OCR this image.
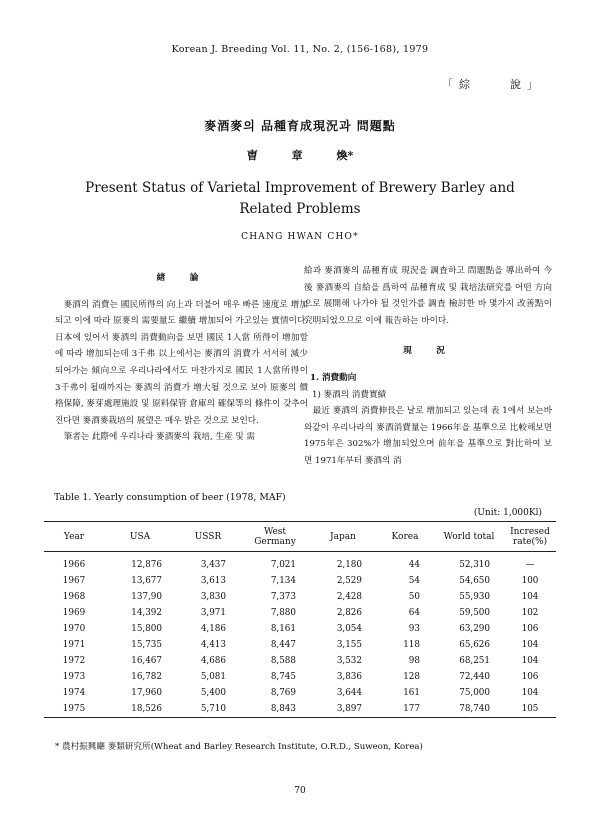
Korean J. Breeding Vol. 11, No. 2, (156-168), 1979
「綜　　說」
麥酒麥의 品種育成現況과 問題點
曺 章 煥*
Present Status of Varietal Improvement of Brewery Barley and
Related Problems
CHANG HWAN CHO*
緖　論

麥酒의 消費는 國民所得의 向上과 더불어 매우 빠른 速度로 增加되고 이에 따라 原麥의 需要量도 繼續 增加되어 가고있는 實情이다. 日本에 있어서 麥酒의 消費動向을 보면 國民 1人當 所得이 增加함에 따라 增加되는데 3千弗 以上에서는 麥酒의 消費가 서서히 減少되어가는 傾向으로 우리나라에서도 마찬가지로 國民 1人當所得이 3千弗이 될때까지는 麥酒의 消費가 增大될 것으로 보아 原麥의 價格保障, 麥芽處理施設 및 原料保管 倉庫의 確保等의 條件이 갖추어 진다면 麥酒麥栽培의 展望은 매우 밝은 것으로 보인다.

筆者는 此際에 우리나라 麥酒麥의 栽培, 生産 및 需

給과 麥酒麥의 品種育成 現況을 調査하고 問題點을 導出하여 今後 麥酒麥의 自給을 爲하여 品種育成 및 栽培法研究를 어떤 方向으로 展開해 나가야 될 것인가를 調査 檢討한 바 몇가지 改善點이 究明되었으므로 이에 報告하는 바이다.

現　況

1. 消費動向

1) 麥酒의 消費實績

最近 麥酒의 消費伸長은 날로 增加되고 있는데 表 1에서 보는바와같이 우리나라의 麥酒消費量는 1966年을 基準으로 比較해보면 1975年은 302%가 增加되었으며 前年을 基準으로 對比하여 보면 1971年부터 麥酒의 消

Table 1. Yearly consumption of beer (1978, MAF)
(Unit: 1,000Kl)
Year	USA	USSR	West Germany	Japan	Korea	World total	Incresed rate(%)
1966	12,876	3,437	7,021	2,180	44	52,310	—
1967	13,677	3,613	7,134	2,529	54	54,650	100
1968	137,90	3,830	7,373	2,428	50	55,930	104
1969	14,392	3,971	7,880	2,826	64	59,500	102
1970	15,800	4,186	8,161	3,054	93	63,290	106
1971	15,735	4,413	8,447	3,155	118	65,626	104
1972	16,467	4,686	8,588	3,532	98	68,251	104
1973	16,782	5,081	8,745	3,836	128	72,440	106
1974	17,960	5,400	8,769	3,644	161	75,000	104
1975	18,526	5,710	8,843	3,897	177	78,740	105
* 農村振興廳 麥類研究所(Wheat and Barley Research Institute, O.R.D., Suweon, Korea)
70
